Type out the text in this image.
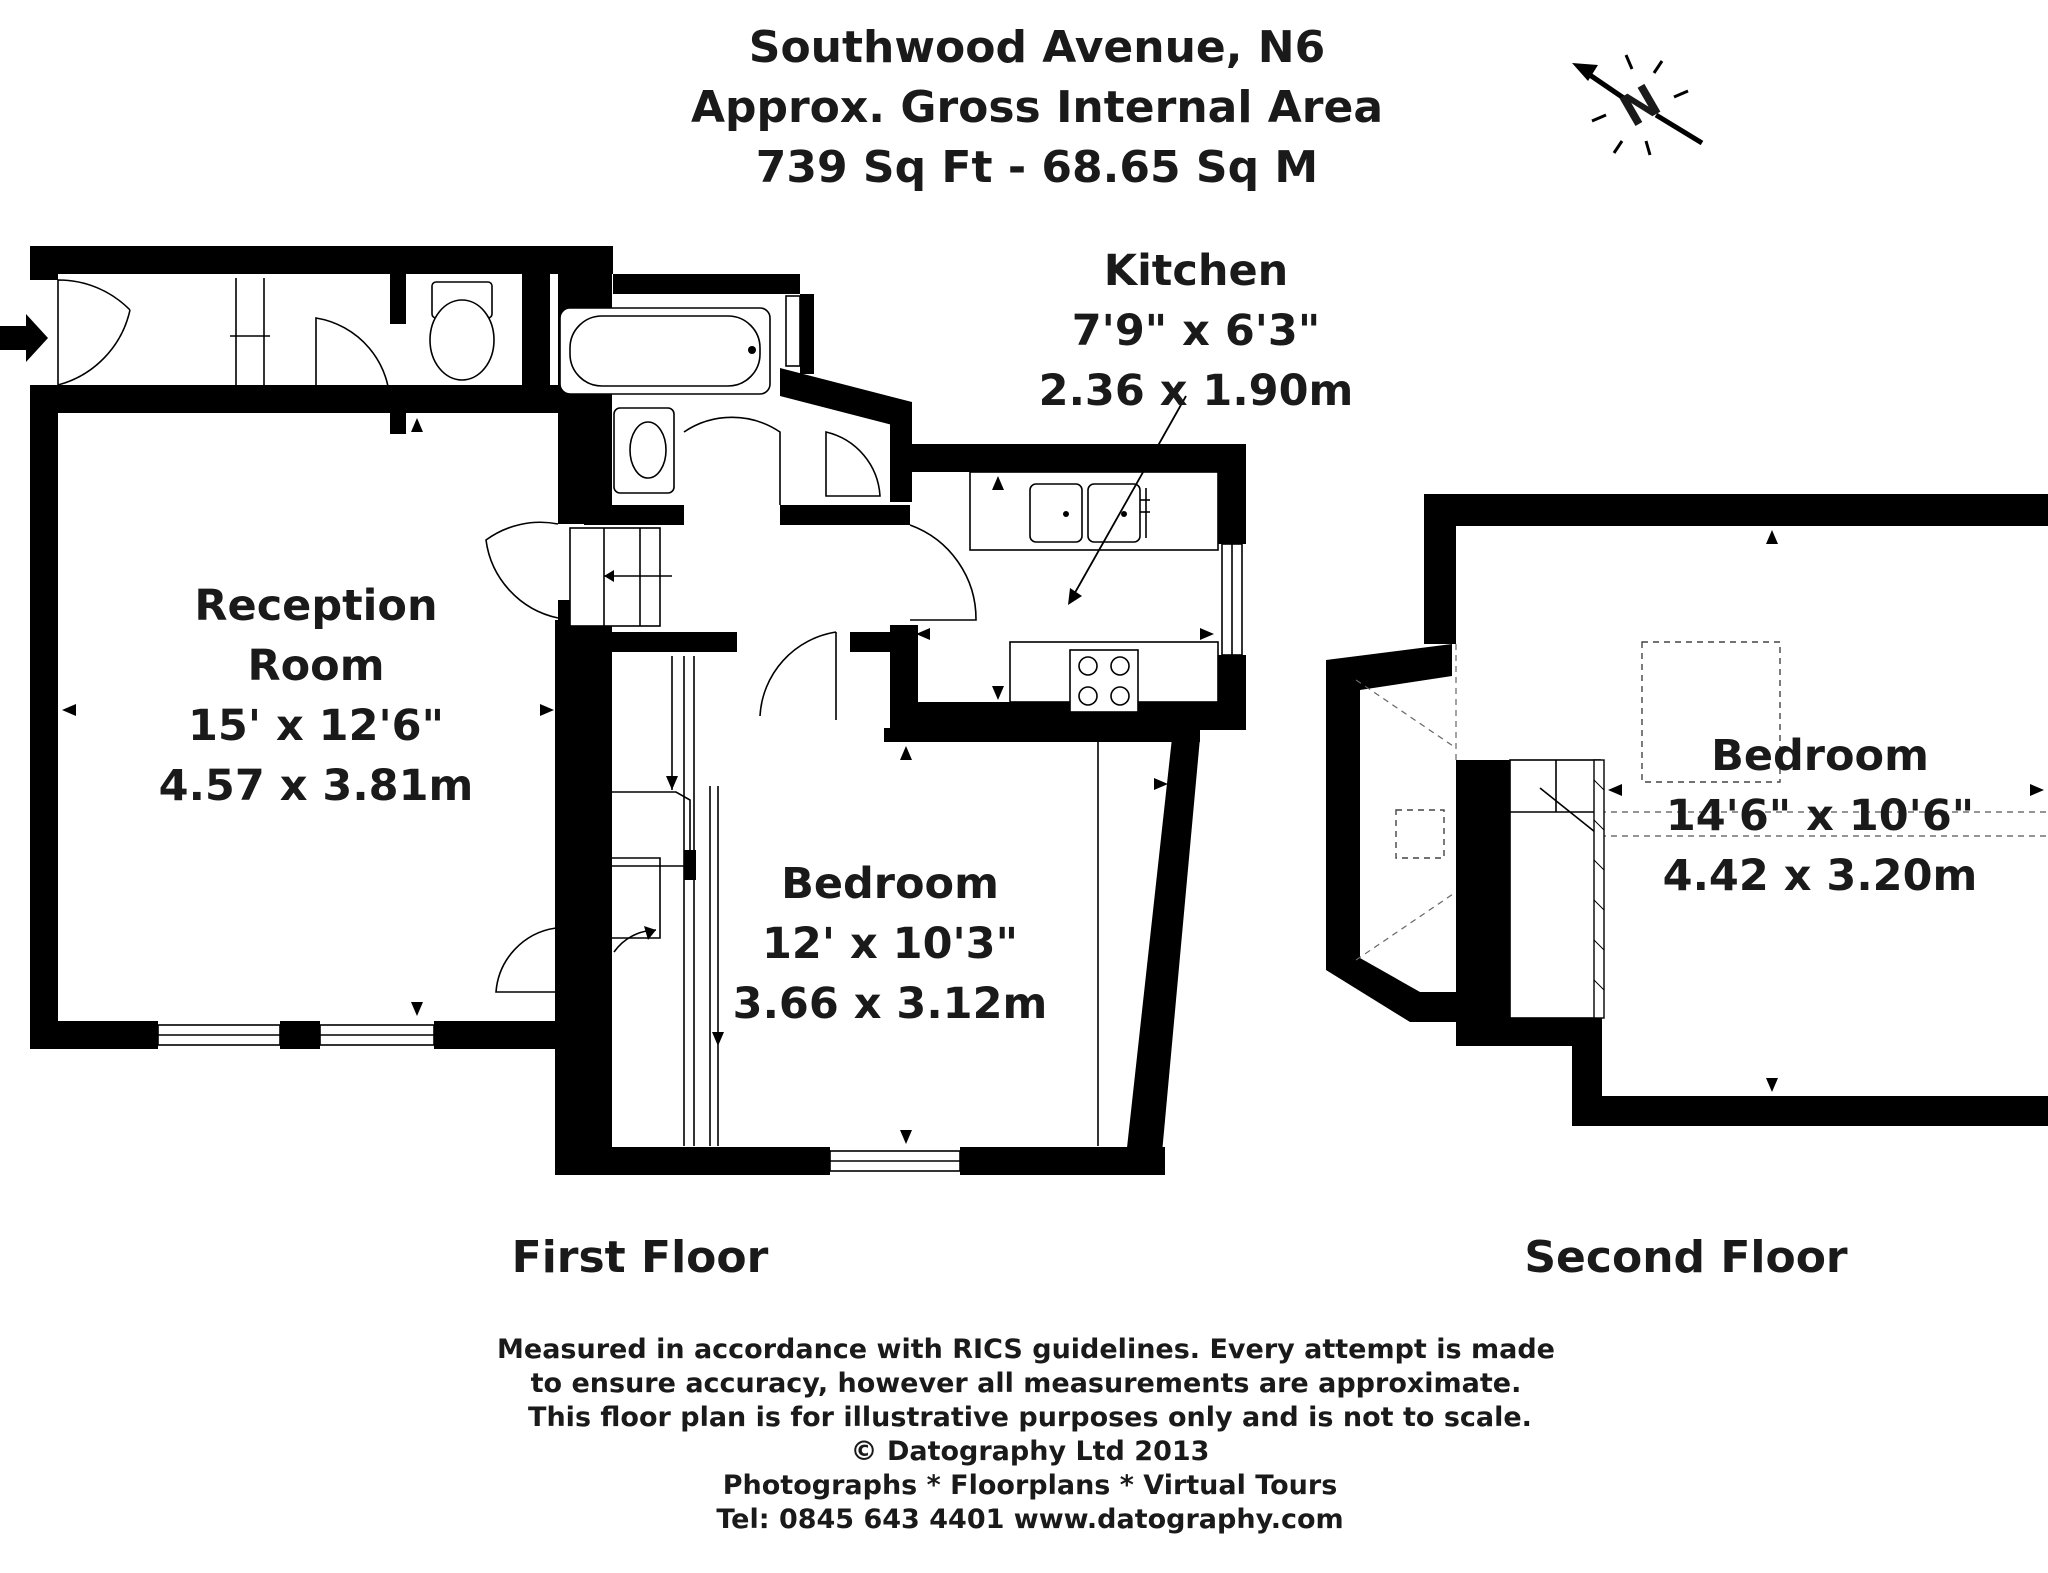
Southwood Avenue, N6
Approx. Gross Internal Area
739 Sq Ft - 68.65 Sq M
N
Reception
Room
15' x 12'6"
4.57 x 3.81m
Kitchen
7'9" x 6'3"
2.36 x 1.90m
Bedroom
12' x 10'3"
3.66 x 3.12m
Bedroom
14'6" x 10'6"
4.42 x 3.20m
First Floor	Second Floor
Measured in accordance with RICS guidelines. Every attempt is made
to ensure accuracy, however all measurements are approximate.
This floor plan is for illustrative purposes only and is not to scale.
© Datography Ltd 2013
Photographs * Floorplans * Virtual Tours
Tel: 0845 643 4401 www.datography.com
